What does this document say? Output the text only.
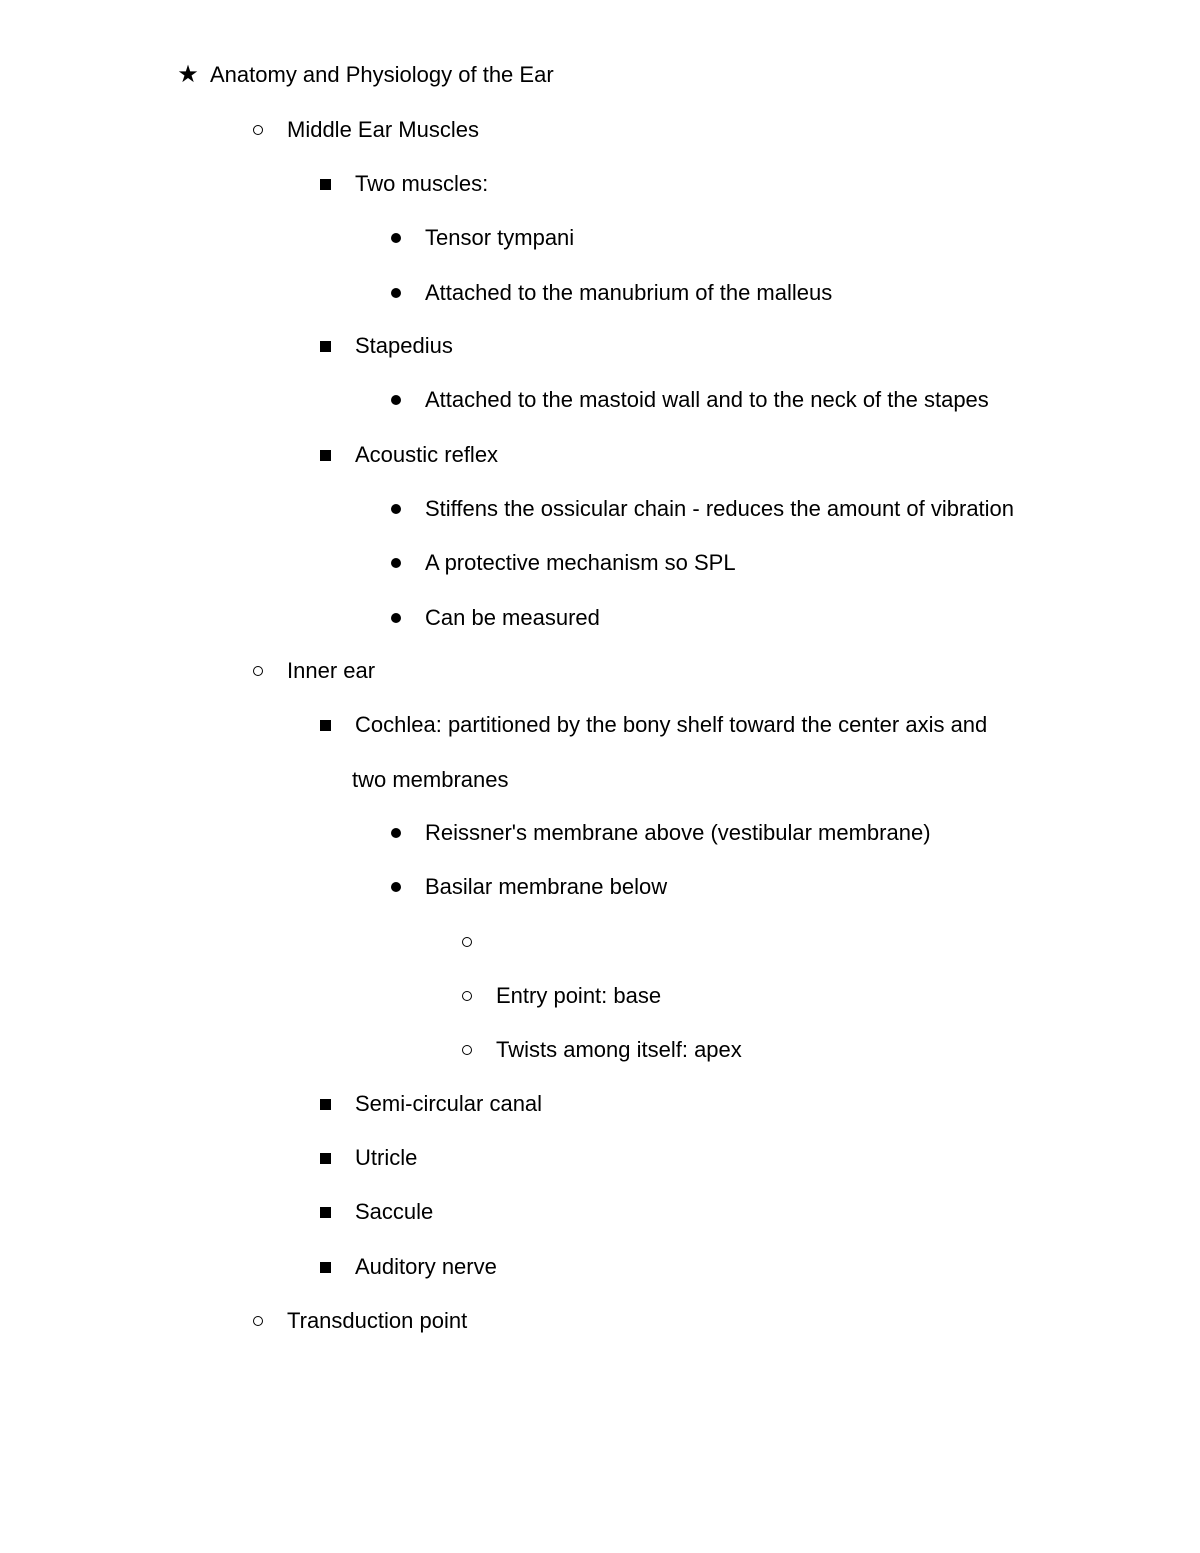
★ Anatomy and Physiology of the Ear
Middle Ear Muscles
Two muscles:
Tensor tympani
Attached to the manubrium of the malleus
Stapedius
Attached to the mastoid wall and to the neck of the stapes
Acoustic reflex
Stiffens the ossicular chain - reduces the amount of vibration
A protective mechanism so SPL
Can be measured
Inner ear
Cochlea: partitioned by the bony shelf toward the center axis and
two membranes
Reissner's membrane above (vestibular membrane)
Basilar membrane below
Entry point: base
Twists among itself: apex
Semi-circular canal
Utricle
Saccule
Auditory nerve
Transduction point
